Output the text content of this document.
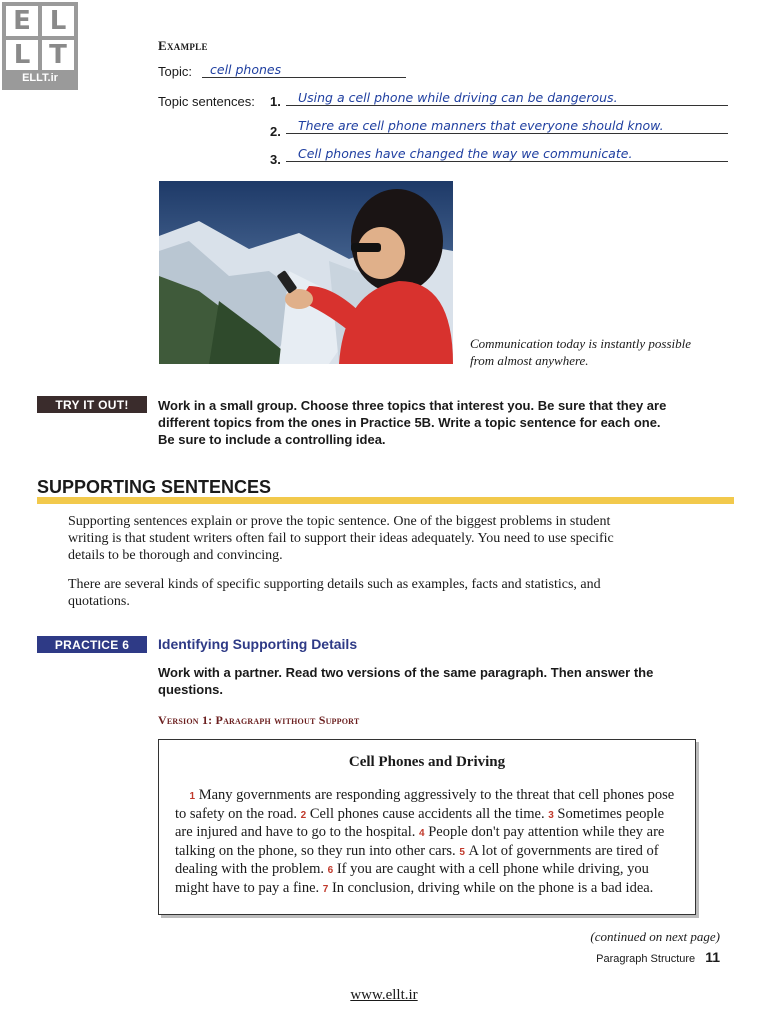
E L
L T
ELLT.ir
Example
Topic:	cell phones
Topic sentences: 1.	Using a cell phone while driving can be dangerous.
2.	There are cell phone manners that everyone should know.
3.	Cell phones have changed the way we communicate.
Communication today is instantly possible from almost anywhere.
TRY IT OUT!	Work in a small group. Choose three topics that interest you. Be sure that they are different topics from the ones in Practice 5B. Write a topic sentence for each one. Be sure to include a controlling idea.
SUPPORTING SENTENCES
Supporting sentences explain or prove the topic sentence. One of the biggest problems in student writing is that student writers often fail to support their ideas adequately. You need to use specific details to be thorough and convincing.
There are several kinds of specific supporting details such as examples, facts and statistics, and quotations.
PRACTICE 6	Identifying Supporting Details
Work with a partner. Read two versions of the same paragraph. Then answer the questions.
Version 1: Paragraph without Support
Cell Phones and Driving
1 Many governments are responding aggressively to the threat that cell phones pose to safety on the road. 2 Cell phones cause accidents all the time. 3 Sometimes people are injured and have to go to the hospital. 4 People don't pay attention while they are talking on the phone, so they run into other cars. 5 A lot of governments are tired of dealing with the problem. 6 If you are caught with a cell phone while driving, you might have to pay a fine. 7 In conclusion, driving while on the phone is a bad idea.
(continued on next page)
Paragraph Structure 11
www.ellt.ir
